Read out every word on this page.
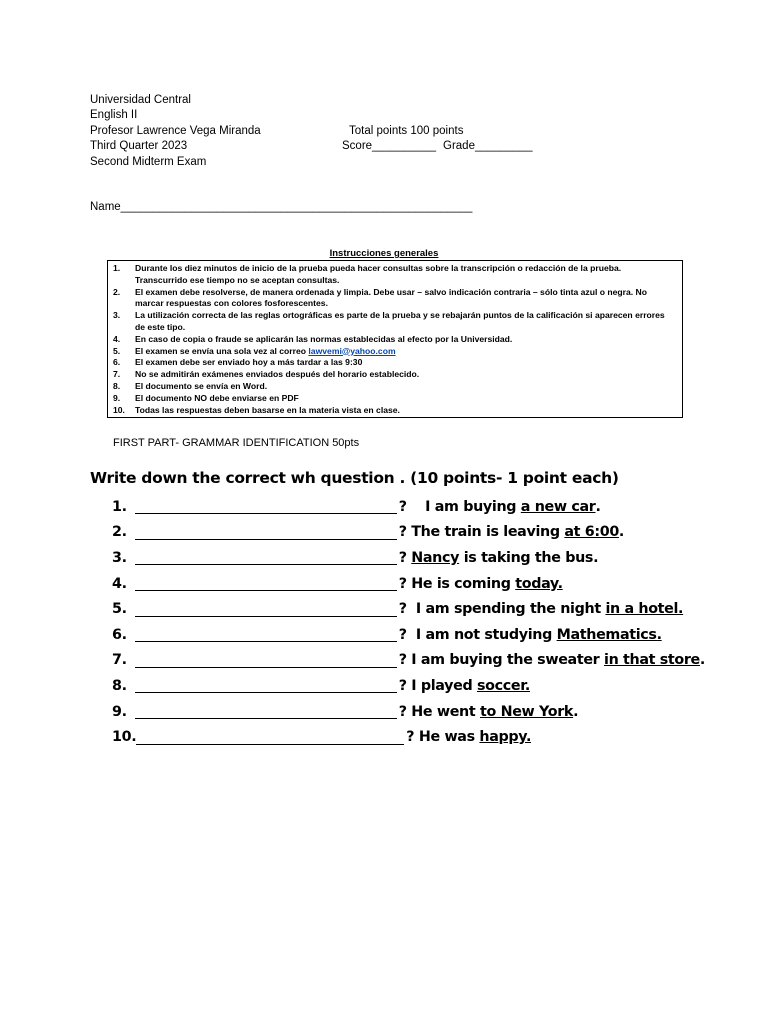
Universidad Central
English II
Profesor Lawrence Vega Miranda
Third Quarter 2023
Second Midterm Exam
Total points 100 points
Score__________ Grade_________
Name_______________________________________________________
Instrucciones generales
1.	Durante los diez minutos de inicio de la prueba pueda hacer consultas sobre la transcripción o redacción de la prueba. Transcurrido ese tiempo no se aceptan consultas.
2.	El examen debe resolverse, de manera ordenada y limpia. Debe usar – salvo indicación contraria – sólo tinta azul o negra. No marcar respuestas con colores fosforescentes.
3.	La utilización correcta de las reglas ortográficas es parte de la prueba y se rebajarán puntos de la calificación si aparecen errores de este tipo.
4.	En caso de copia o fraude se aplicarán las normas establecidas al efecto por la Universidad.
5.	El examen se envía una sola vez al correo lawvemi@yahoo.com
6.	El examen debe ser enviado hoy a más tardar a las 9:30
7.	No se admitirán exámenes enviados después del horario establecido.
8.	El documento se envía en Word.
9.	El documento NO debe enviarse en PDF
10.	Todas las respuestas deben basarse en la materia vista en clase.
FIRST PART- GRAMMAR IDENTIFICATION 50pts
Write down the correct wh question . (10 points- 1 point each)
1.	?    I am buying a new car .
2.	? The train is leaving at 6:00 .
3.	? Nancy is taking the bus.
4.	? He is coming today.
5.	?  I am spending the night in a hotel.
6.	?  I am not studying Mathematics.
7.	? I am buying the sweater in that store .
8.	? I played soccer.
9.	? He went to New York .
10.	? He was happy.
